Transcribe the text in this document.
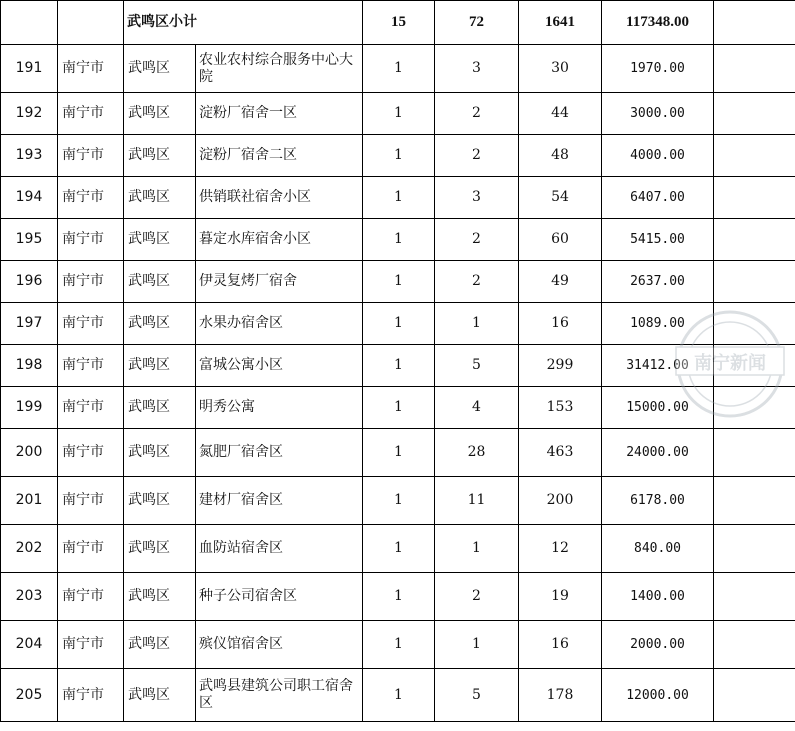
		武鸣区小计		15	72	1641	117348.00	
191	南宁市	武鸣区	农业农村综合服务中心大院	1	3	30	1970.00	
192	南宁市	武鸣区	淀粉厂宿舍一区	1	2	44	3000.00	
193	南宁市	武鸣区	淀粉厂宿舍二区	1	2	48	4000.00	
194	南宁市	武鸣区	供销联社宿舍小区	1	3	54	6407.00	
195	南宁市	武鸣区	暮定水库宿舍小区	1	2	60	5415.00	
196	南宁市	武鸣区	伊灵复烤厂宿舍	1	2	49	2637.00	
197	南宁市	武鸣区	水果办宿舍区	1	1	16	1089.00	
198	南宁市	武鸣区	富城公寓小区	1	5	299	31412.00	
199	南宁市	武鸣区	明秀公寓	1	4	153	15000.00	
200	南宁市	武鸣区	氮肥厂宿舍区	1	28	463	24000.00	
201	南宁市	武鸣区	建材厂宿舍区	1	11	200	6178.00	
202	南宁市	武鸣区	血防站宿舍区	1	1	12	840.00	
203	南宁市	武鸣区	种子公司宿舍区	1	2	19	1400.00	
204	南宁市	武鸣区	殡仪馆宿舍区	1	1	16	2000.00	
205	南宁市	武鸣区	武鸣县建筑公司职工宿舍区	1	5	178	12000.00	
南宁新闻
